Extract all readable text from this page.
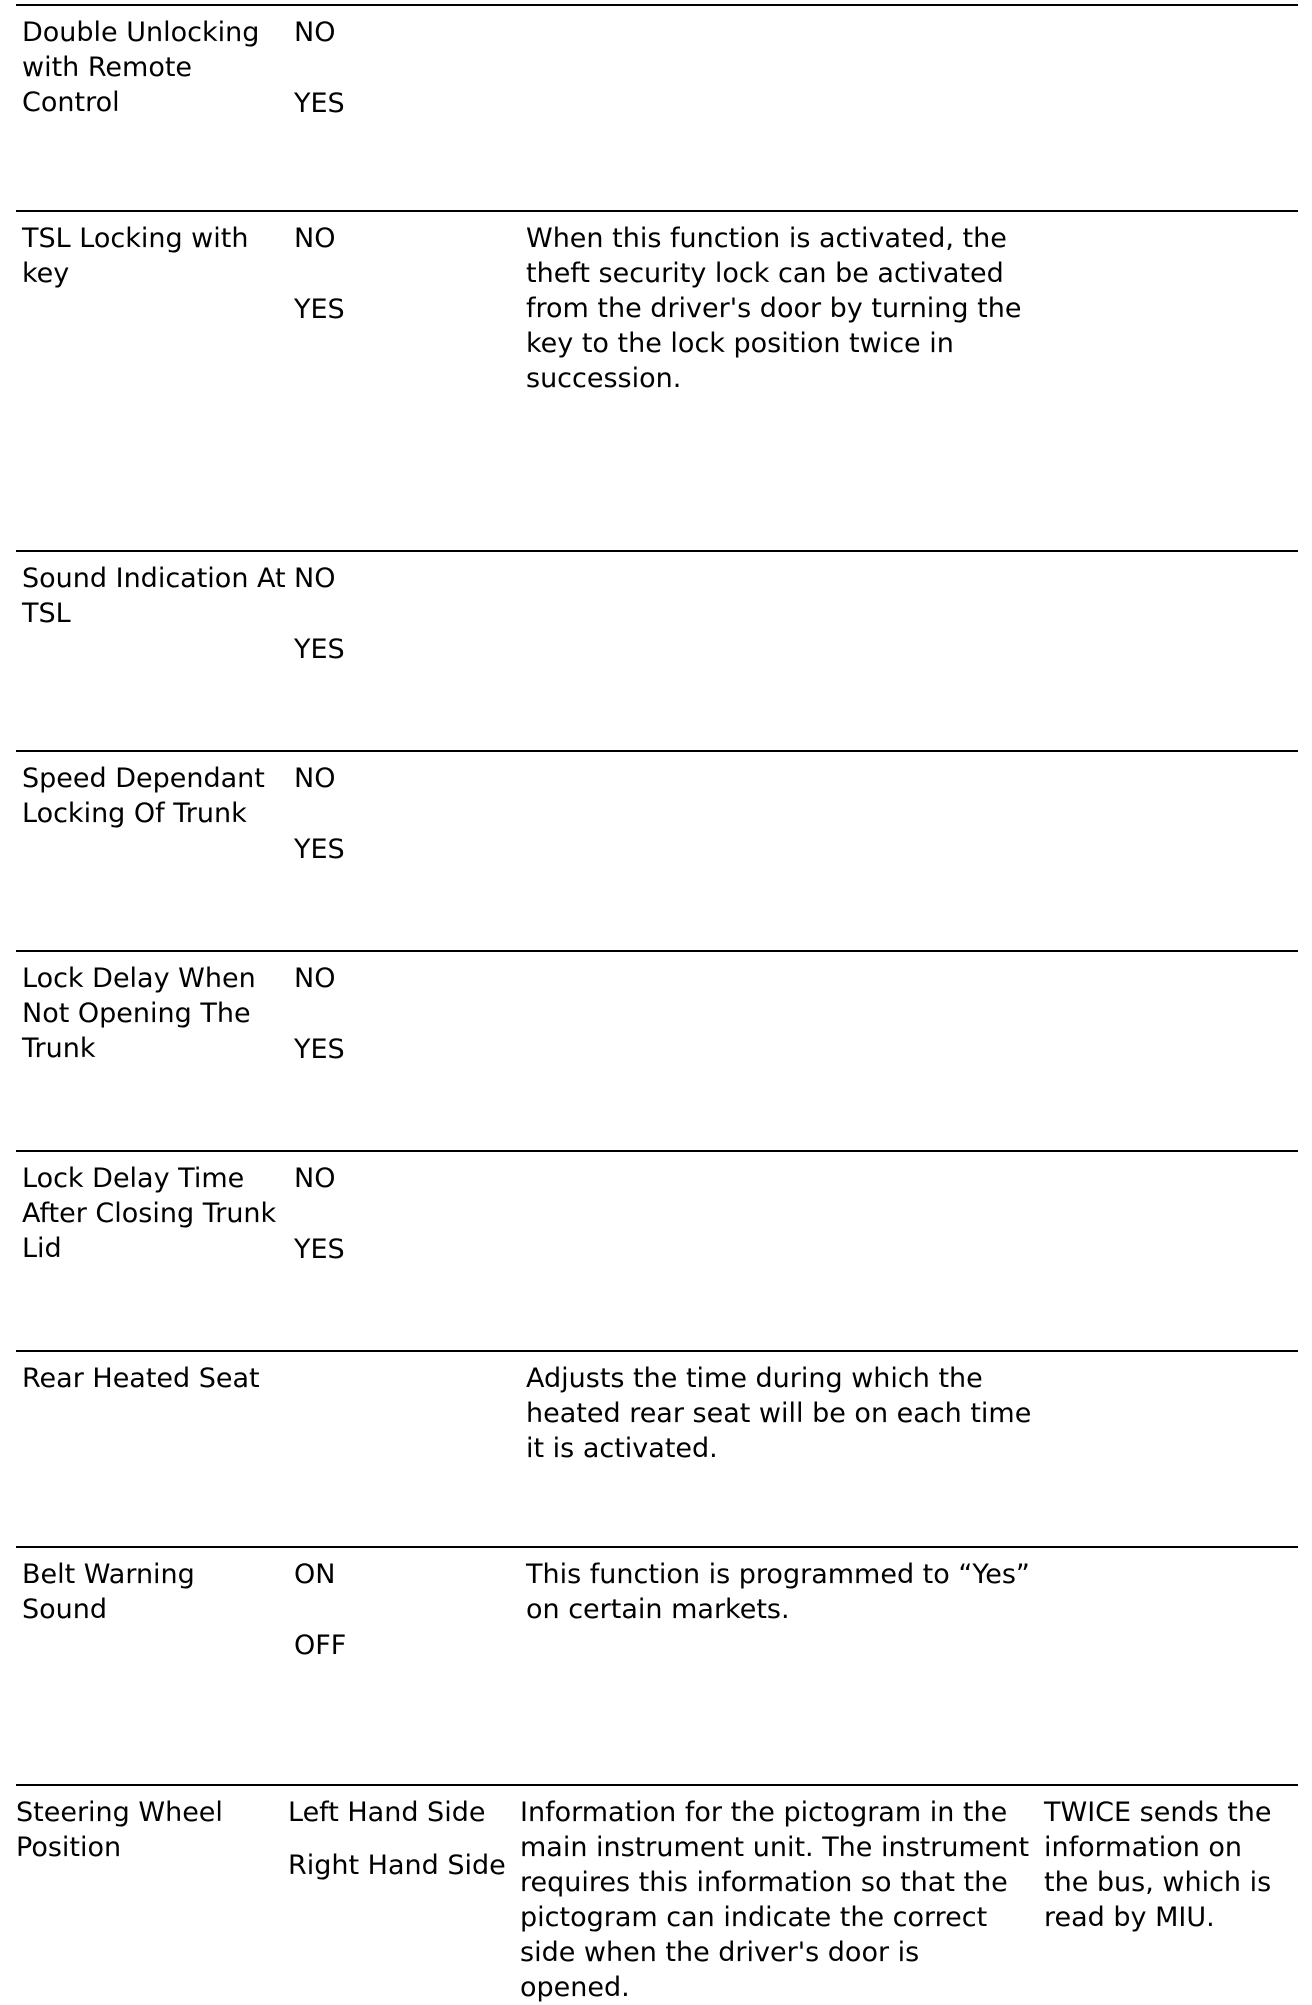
Double Unlocking with Remote Control
NO
YES
TSL Locking with key
NO
YES
When this function is activated, the theft security lock can be activated from the driver's door by turning the key to the lock position twice in succession.
Sound Indication At TSL
NO
YES
Speed Dependant Locking Of Trunk
NO
YES
Lock Delay When Not Opening The Trunk
NO
YES
Lock Delay Time After Closing Trunk Lid
NO
YES
Rear Heated Seat	Adjusts the time during which the heated rear seat will be on each time it is activated.
Belt Warning Sound
ON
OFF
This function is programmed to “Yes” on certain markets.
Steering Wheel Position
Left Hand Side
Right Hand Side
Information for the pictogram in the main instrument unit. The instrument requires this information so that the pictogram can indicate the correct side when the driver's door is opened.
TWICE sends the information on the bus, which is read by MIU.
